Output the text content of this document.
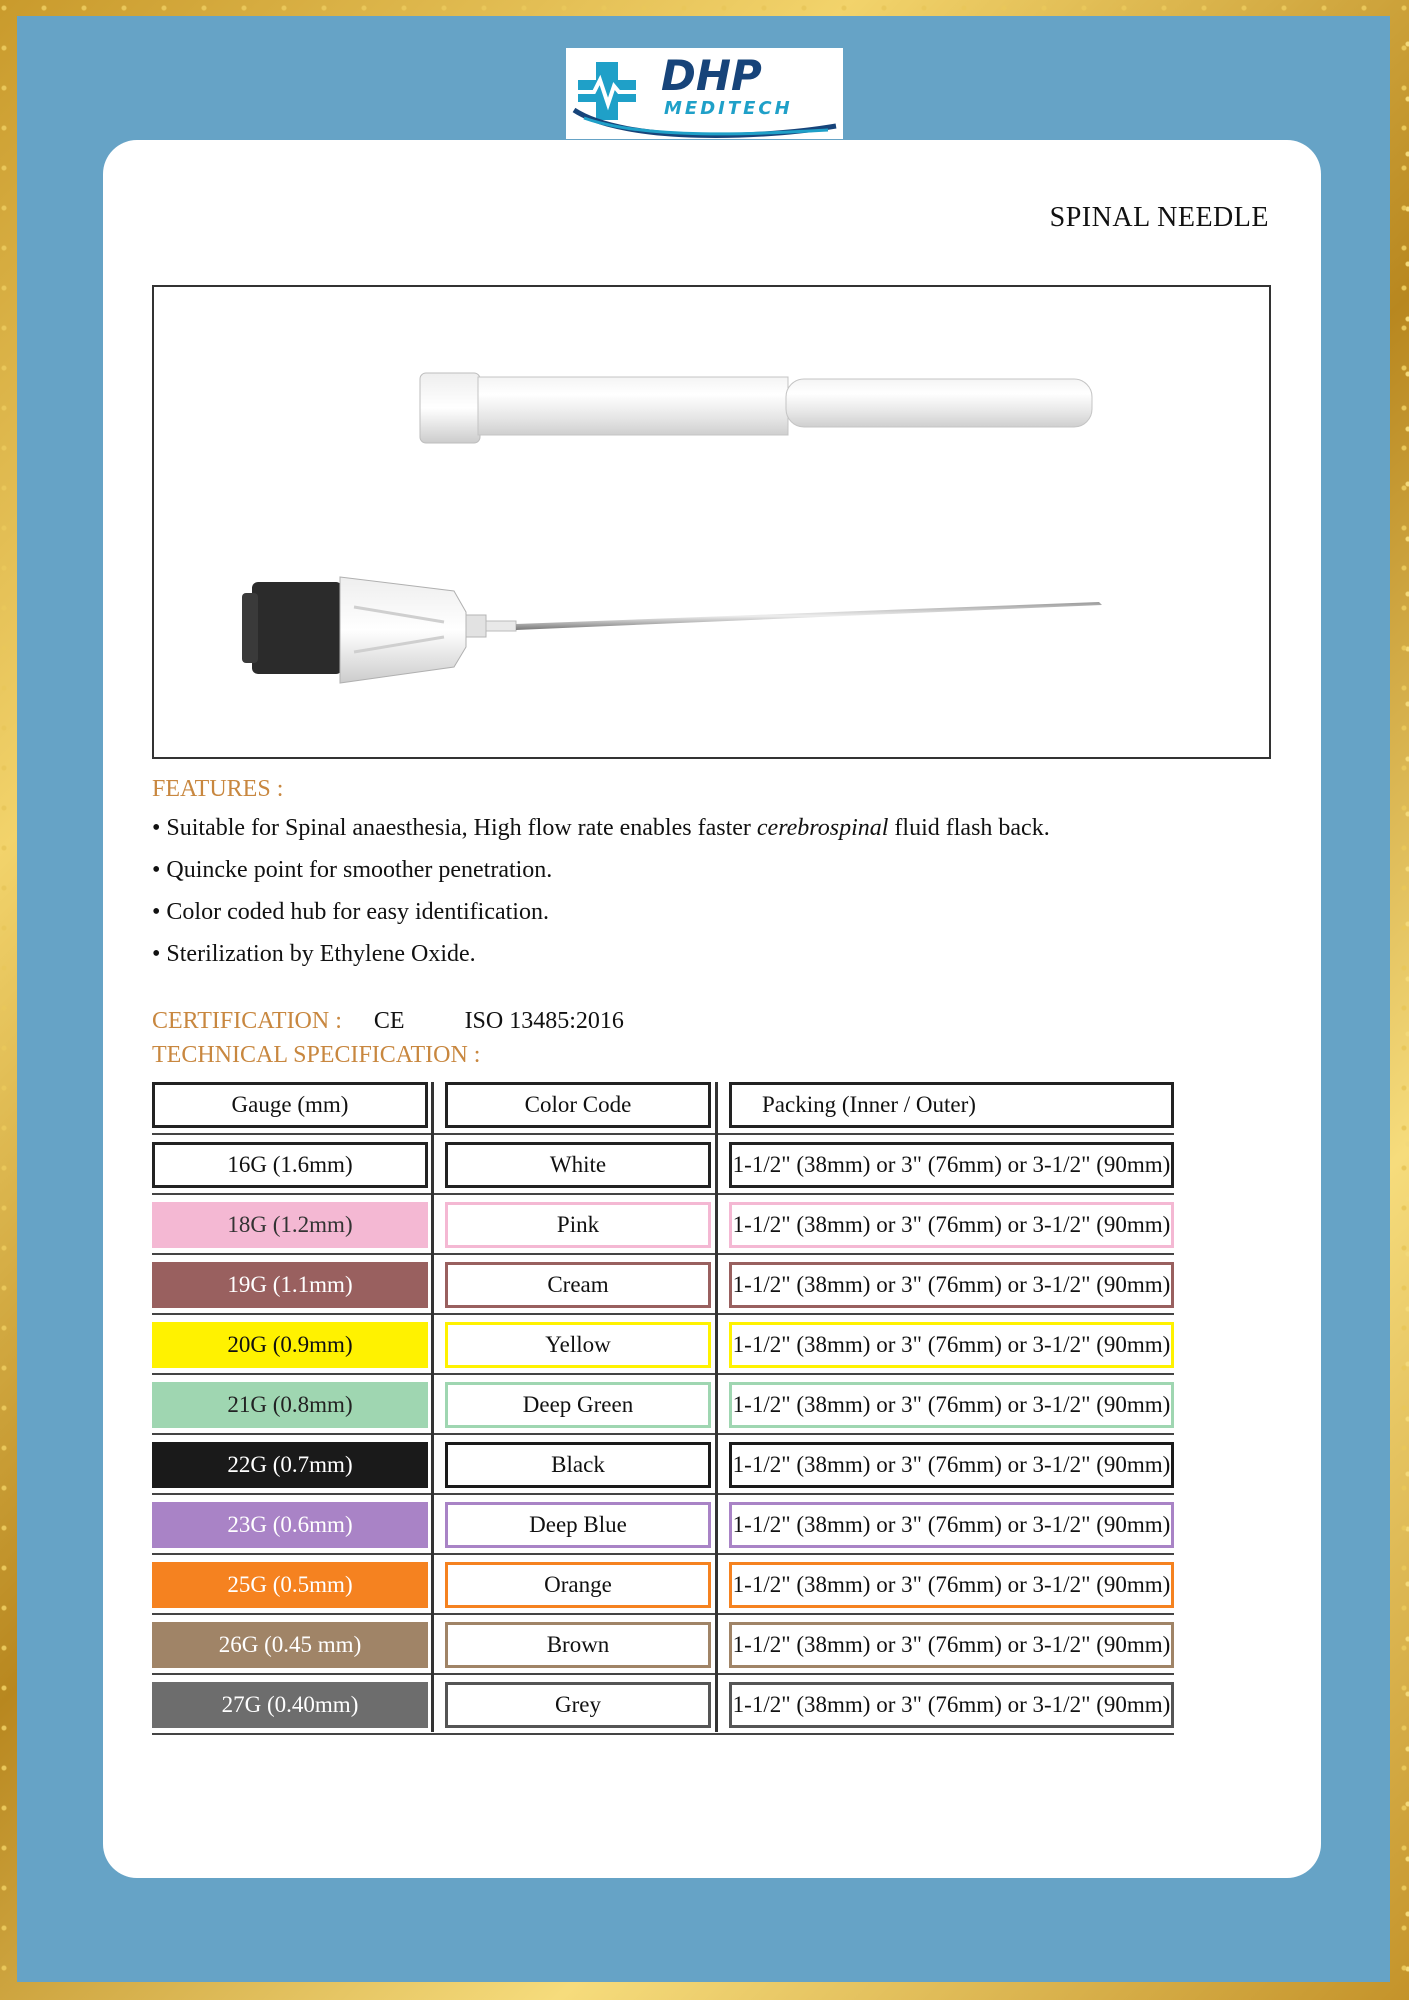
DHP
MEDITECH
SPINAL NEEDLE
FEATURES :
• Suitable for Spinal anaesthesia, High flow rate enables faster cerebrospinal fluid flash back.
• Quincke point for smoother penetration.
• Color coded hub for easy identification.
• Sterilization by Ethylene Oxide.
CERTIFICATION : CE	ISO 13485:2016
TECHNICAL SPECIFICATION :
Gauge (mm)	Color Code	Packing (Inner / Outer)
16G (1.6mm)	White	1-1/2" (38mm) or 3" (76mm) or 3-1/2" (90mm)
18G (1.2mm)	Pink	1-1/2" (38mm) or 3" (76mm) or 3-1/2" (90mm)
19G (1.1mm)	Cream	1-1/2" (38mm) or 3" (76mm) or 3-1/2" (90mm)
20G (0.9mm)	Yellow	1-1/2" (38mm) or 3" (76mm) or 3-1/2" (90mm)
21G (0.8mm)	Deep Green	1-1/2" (38mm) or 3" (76mm) or 3-1/2" (90mm)
22G (0.7mm)	Black	1-1/2" (38mm) or 3" (76mm) or 3-1/2" (90mm)
23G (0.6mm)	Deep Blue	1-1/2" (38mm) or 3" (76mm) or 3-1/2" (90mm)
25G (0.5mm)	Orange	1-1/2" (38mm) or 3" (76mm) or 3-1/2" (90mm)
26G (0.45 mm)	Brown	1-1/2" (38mm) or 3" (76mm) or 3-1/2" (90mm)
27G (0.40mm)	Grey	1-1/2" (38mm) or 3" (76mm) or 3-1/2" (90mm)
